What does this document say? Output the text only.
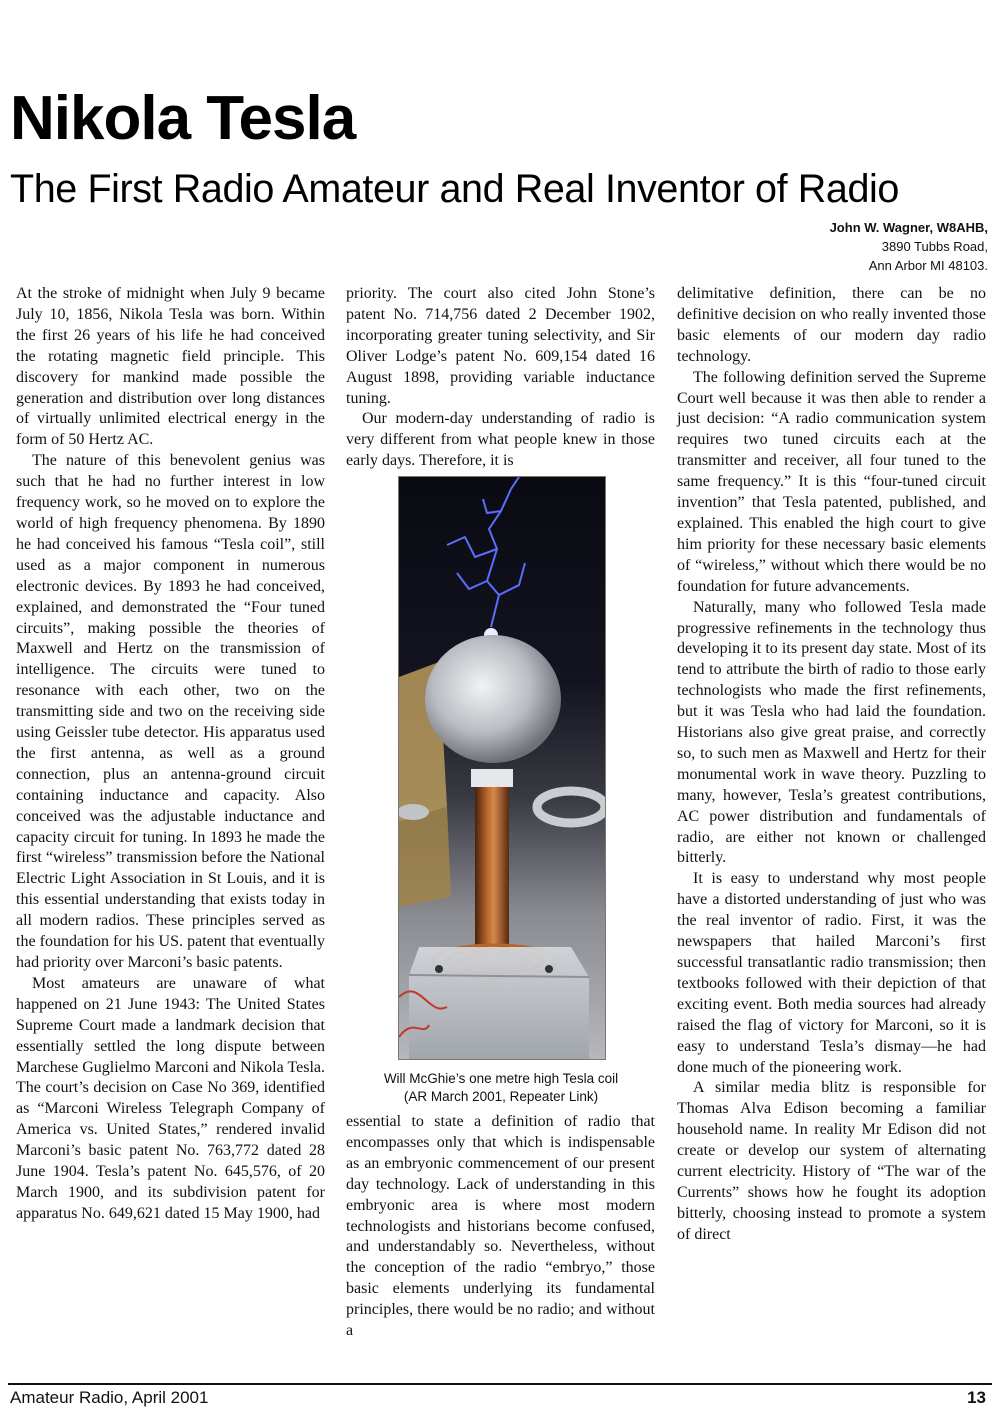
Nikola Tesla
The First Radio Amateur and Real Inventor of Radio
John W. Wagner, W8AHB,
3890 Tubbs Road,
Ann Arbor MI 48103.

At the stroke of midnight when July 9 became July 10, 1856, Nikola Tesla was born. Within the first 26 years of his life he had conceived the rotating magnetic field principle. This discovery for mankind made possible the generation and distribution over long distances of virtually unlimited electrical energy in the form of 50 Hertz AC.

The nature of this benevolent genius was such that he had no further interest in low frequency work, so he moved on to explore the world of high frequency phenomena. By 1890 he had conceived his famous “Tesla coil”, still used as a major component in numerous electronic devices. By 1893 he had conceived, explained, and demonstrated the “Four tuned circuits”, making possible the theories of Maxwell and Hertz on the transmission of intelligence. The circuits were tuned to resonance with each other, two on the transmitting side and two on the receiving side using Geissler tube detector. His apparatus used the first antenna, as well as a ground connection, plus an antenna-ground circuit containing inductance and capacity. Also conceived was the adjustable inductance and capacity circuit for tuning. In 1893 he made the first “wireless” transmission before the National Electric Light Association in St Louis, and it is this essential understanding that exists today in all modern radios. These principles served as the foundation for his US. patent that eventually had priority over Marconi’s basic patents.

Most amateurs are unaware of what happened on 21 June 1943: The United States Supreme Court made a landmark decision that essentially settled the long dispute between Marchese Guglielmo Marconi and Nikola Tesla. The court’s decision on Case No 369, identified as “Marconi Wireless Telegraph Company of America vs. United States,” rendered invalid Marconi’s basic patent No. 763,772 dated 28 June 1904. Tesla’s patent No. 645,576, of 20 March 1900, and its subdivision patent for apparatus No. 649,621 dated 15 May 1900, had

priority. The court also cited John Stone’s patent No. 714,756 dated 2 December 1902, incorporating greater tuning selectivity, and Sir Oliver Lodge’s patent No. 609,154 dated 16 August 1898, providing variable inductance tuning.

Our modern-day understanding of radio is very different from what people knew in those early days. Therefore, it is

essential to state a definition of radio that encompasses only that which is indispensable as an embryonic commencement of our present day technology. Lack of understanding in this embryonic area is where most modern technologists and historians become confused, and understandably so. Nevertheless, without the conception of the radio “embryo,” those basic elements underlying its fundamental principles, there would be no radio; and without a

delimitative definition, there can be no definitive decision on who really invented those basic elements of our modern day radio technology.

The following definition served the Supreme Court well because it was then able to render a just decision: “A radio communication system requires two tuned circuits each at the transmitter and receiver, all four tuned to the same frequency.” It is this “four-tuned circuit invention” that Tesla patented, published, and explained. This enabled the high court to give him priority for these necessary basic elements of “wireless,” without which there would be no foundation for future advancements.

Naturally, many who followed Tesla made progressive refinements in the technology thus developing it to its present day state. Most of its tend to attribute the birth of radio to those early technologists who made the first refinements, but it was Tesla who had laid the foundation. Historians also give great praise, and correctly so, to such men as Maxwell and Hertz for their monumental work in wave theory. Puzzling to many, however, Tesla’s greatest contributions, AC power distribution and fundamentals of radio, are either not known or challenged bitterly.

It is easy to understand why most people have a distorted understanding of just who was the real inventor of radio. First, it was the newspapers that hailed Marconi’s first successful transatlantic radio transmission; then textbooks followed with their depiction of that exciting event. Both media sources had already raised the flag of victory for Marconi, so it is easy to understand Tesla’s dismay—he had done much of the pioneering work.

A similar media blitz is responsible for Thomas Alva Edison becoming a familiar household name. In reality Mr Edison did not create or develop our system of alternating current electricity. History of “The war of the Currents” shows how he fought its adoption bitterly, choosing instead to promote a system of direct

Will McGhie’s one metre high Tesla coil
(AR March 2001, Repeater Link)
Amateur Radio, April 2001	13
